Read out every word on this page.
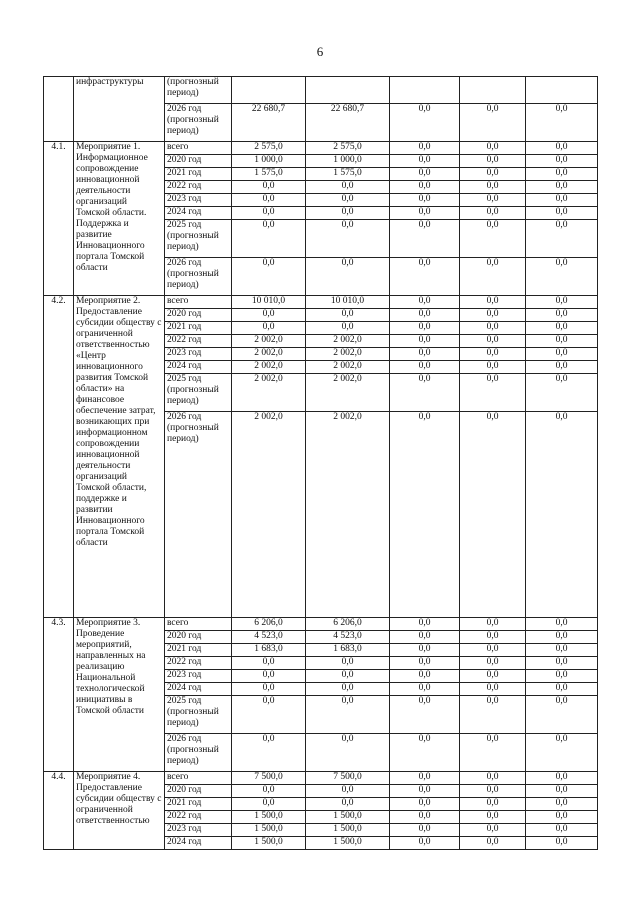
6
	инфраструктуры	(прогнозный период)					
		2026 год (прогнозный период)	22 680,7	22 680,7	0,0	0,0	0,0
4.1.	Мероприятие 1. Информационное сопровождение инновационной деятельности организаций Томской области. Поддержка и развитие Инновационного портала Томской области	всего	2 575,0	2 575,0	0,0	0,0	0,0
		2020 год	1 000,0	1 000,0	0,0	0,0	0,0
		2021 год	1 575,0	1 575,0	0,0	0,0	0,0
		2022 год	0,0	0,0	0,0	0,0	0,0
		2023 год	0,0	0,0	0,0	0,0	0,0
		2024 год	0,0	0,0	0,0	0,0	0,0
		2025 год (прогнозный период)	0,0	0,0	0,0	0,0	0,0
		2026 год (прогнозный период)	0,0	0,0	0,0	0,0	0,0
4.2.	Мероприятие 2. Предоставление субсидии обществу с ограниченной ответственностью «Центр инновационного развития Томской области» на финансовое обеспечение затрат, возникающих при информационном сопровождении инновационной деятельности организаций Томской области, поддержке и развитии Инновационного портала Томской области	всего	10 010,0	10 010,0	0,0	0,0	0,0
		2020 год	0,0	0,0	0,0	0,0	0,0
		2021 год	0,0	0,0	0,0	0,0	0,0
		2022 год	2 002,0	2 002,0	0,0	0,0	0,0
		2023 год	2 002,0	2 002,0	0,0	0,0	0,0
		2024 год	2 002,0	2 002,0	0,0	0,0	0,0
		2025 год (прогнозный период)	2 002,0	2 002,0	0,0	0,0	0,0
		2026 год (прогнозный период)	2 002,0	2 002,0	0,0	0,0	0,0
4.3.	Мероприятие 3. Проведение мероприятий, направленных на реализацию Национальной технологической инициативы в Томской области	всего	6 206,0	6 206,0	0,0	0,0	0,0
		2020 год	4 523,0	4 523,0	0,0	0,0	0,0
		2021 год	1 683,0	1 683,0	0,0	0,0	0,0
		2022 год	0,0	0,0	0,0	0,0	0,0
		2023 год	0,0	0,0	0,0	0,0	0,0
		2024 год	0,0	0,0	0,0	0,0	0,0
		2025 год (прогнозный период)	0,0	0,0	0,0	0,0	0,0
		2026 год (прогнозный период)	0,0	0,0	0,0	0,0	0,0
4.4.	Мероприятие 4. Предоставление субсидии обществу с ограниченной ответственностью	всего	7 500,0	7 500,0	0,0	0,0	0,0
		2020 год	0,0	0,0	0,0	0,0	0,0
		2021 год	0,0	0,0	0,0	0,0	0,0
		2022 год	1 500,0	1 500,0	0,0	0,0	0,0
		2023 год	1 500,0	1 500,0	0,0	0,0	0,0
		2024 год	1 500,0	1 500,0	0,0	0,0	0,0
